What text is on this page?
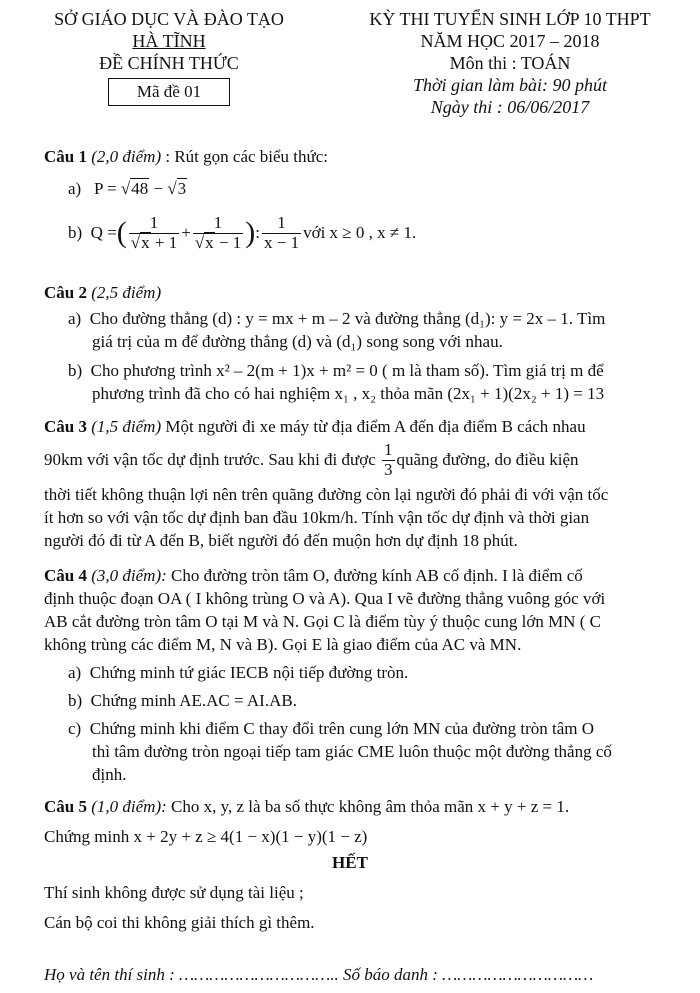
SỞ GIÁO DỤC VÀ ĐÀO TẠO
HÀ TĨNH
ĐỀ CHÍNH THỨC
Mã đề 01
KỲ THI TUYỂN SINH LỚP 10 THPT
NĂM HỌC 2017 – 2018
Môn thi : TOÁN
Thời gian làm bài: 90 phút
Ngày thi : 06/06/2017
Câu 1 (2,0 điểm) : Rút gọn các biểu thức:
a) P = √48 − √3
b)
Q = ( $\frac{1}{√x + 1} + \frac{1}{√x - 1}$ ) : $\frac{1}{x - 1}$ với x ≥ 0 , x ≠ 1.
Câu 2 (2,5 điểm)
a) Cho đường thẳng (d) : y = mx + m – 2 và đường thẳng (d₁): y = 2x – 1. Tìm
giá trị của m để đường thẳng (d) và (d₁) song song với nhau.
b) Cho phương trình x² – 2(m + 1)x + m² = 0 ( m là tham số). Tìm giá trị m để
phương trình đã cho có hai nghiệm x₁ , x₂ thỏa mãn (2x₁ + 1)(2x₂ + 1) = 13
Câu 3 (1,5 điểm) Một người đi xe máy từ địa điểm A đến địa điểm B cách nhau
90km với vận tốc dự định trước. Sau khi đi được
$\frac{1}{3}$ quãng đường, do điều kiện
thời tiết không thuận lợi nên trên quãng đường còn lại người đó phải đi với vận tốc
ít hơn so với vận tốc dự định ban đầu 10km/h. Tính vận tốc dự định và thời gian
người đó đi từ A đến B, biết người đó đến muộn hơn dự định 18 phút.
Câu 4 (3,0 điểm): Cho đường tròn tâm O, đường kính AB cố định. I là điểm cố
định thuộc đoạn OA ( I không trùng O và A). Qua I vẽ đường thẳng vuông góc với
AB cắt đường tròn tâm O tại M và N. Gọi C là điểm tùy ý thuộc cung lớn MN ( C
không trùng các điểm M, N và B). Gọi E là giao điểm của AC và MN.
a) Chứng minh tứ giác IECB nội tiếp đường tròn.
b) Chứng minh AE.AC = AI.AB.
c) Chứng minh khi điểm C thay đổi trên cung lớn MN của đường tròn tâm O
thì tâm đường tròn ngoại tiếp tam giác CME luôn thuộc một đường thẳng cố
định.
Câu 5 (1,0 điểm): Cho x, y, z là ba số thực không âm thỏa mãn x + y + z = 1.
Chứng minh x + 2y + z ≥ 4(1 − x)(1 − y)(1 − z)
HẾT
Thí sinh không được sử dụng tài liệu ;
Cán bộ coi thi không giải thích gì thêm.
Họ và tên thí sinh : ………………………….. Số báo danh : …………………………
